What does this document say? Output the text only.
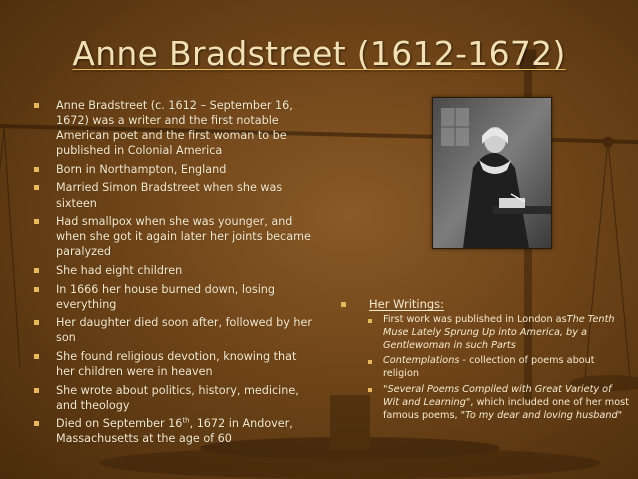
Anne Bradstreet (1612-1672)
Anne Bradstreet (c. 1612 – September 16, 1672) was a writer and the first notable American poet and the first woman to be published in Colonial America
Born in Northampton, England
Married Simon Bradstreet when she was sixteen
Had smallpox when she was younger, and when she got it again later her joints became paralyzed
She had eight children
In 1666 her house burned down, losing everything
Her daughter died soon after, followed by her son
She found religious devotion, knowing that her children were in heaven
She wrote about politics, history, medicine, and theology
Died on September 16th, 1672 in Andover, Massachusetts at the age of 60
Her Writings:
First work was published in London asThe Tenth Muse Lately Sprung Up into America, by a Gentlewoman in such Parts
Contemplations - collection of poems about religion
"Several Poems Compiled with Great Variety of Wit and Learning", which included one of her most famous poems, "To my dear and loving husband"
